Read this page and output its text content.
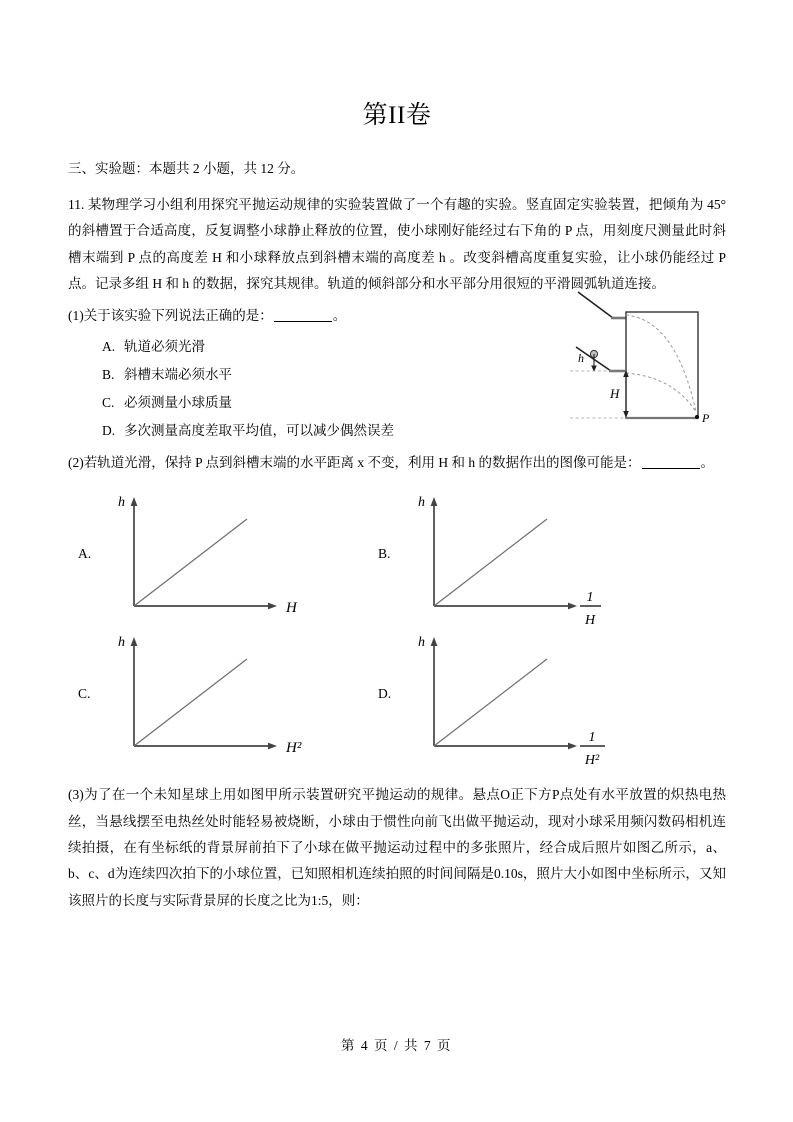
第II卷
三、实验题：本题共 2 小题，共 12 分。
11. 某物理学习小组利用探究平抛运动规律的实验装置做了一个有趣的实验。竖直固定实验装置，把倾角为 45° 的斜槽置于合适高度，反复调整小球静止释放的位置，使小球刚好能经过右下角的 P 点，用刻度尺测量此时斜槽末端到 P 点的高度差 H 和小球释放点到斜槽末端的高度差 h 。改变斜槽高度重复实验，让小球仍能经过 P 点。记录多组 H 和 h 的数据，探究其规律。轨道的倾斜部分和水平部分用很短的平滑圆弧轨道连接。
(1)关于该实验下列说法正确的是：	。
A. 轨道必须光滑
B. 斜槽末端必须水平
C. 必须测量小球质量
D. 多次测量高度差取平均值，可以减少偶然误差
(2)若轨道光滑，保持 P 点到斜槽末端的水平距离 x 不变，利用 H 和 h 的数据作出的图像可能是：	。
A.
h
H
B.
h
1
H
C.
h
H²
D.
h
1
H²
(3)为了在一个未知星球上用如图甲所示装置研究平抛运动的规律。悬点O正下方P点处有水平放置的炽热电热丝，当悬线摆至电热丝处时能轻易被烧断，小球由于惯性向前飞出做平抛运动，现对小球采用频闪数码相机连续拍摄，在有坐标纸的背景屏前拍下了小球在做平抛运动过程中的多张照片，经合成后照片如图乙所示，a、b、c、d为连续四次拍下的小球位置，已知照相机连续拍照的时间间隔是0.10s，照片大小如图中坐标所示，又知该照片的长度与实际背景屏的长度之比为1:5，则：
h
H
P
第 4 页 / 共 7 页
